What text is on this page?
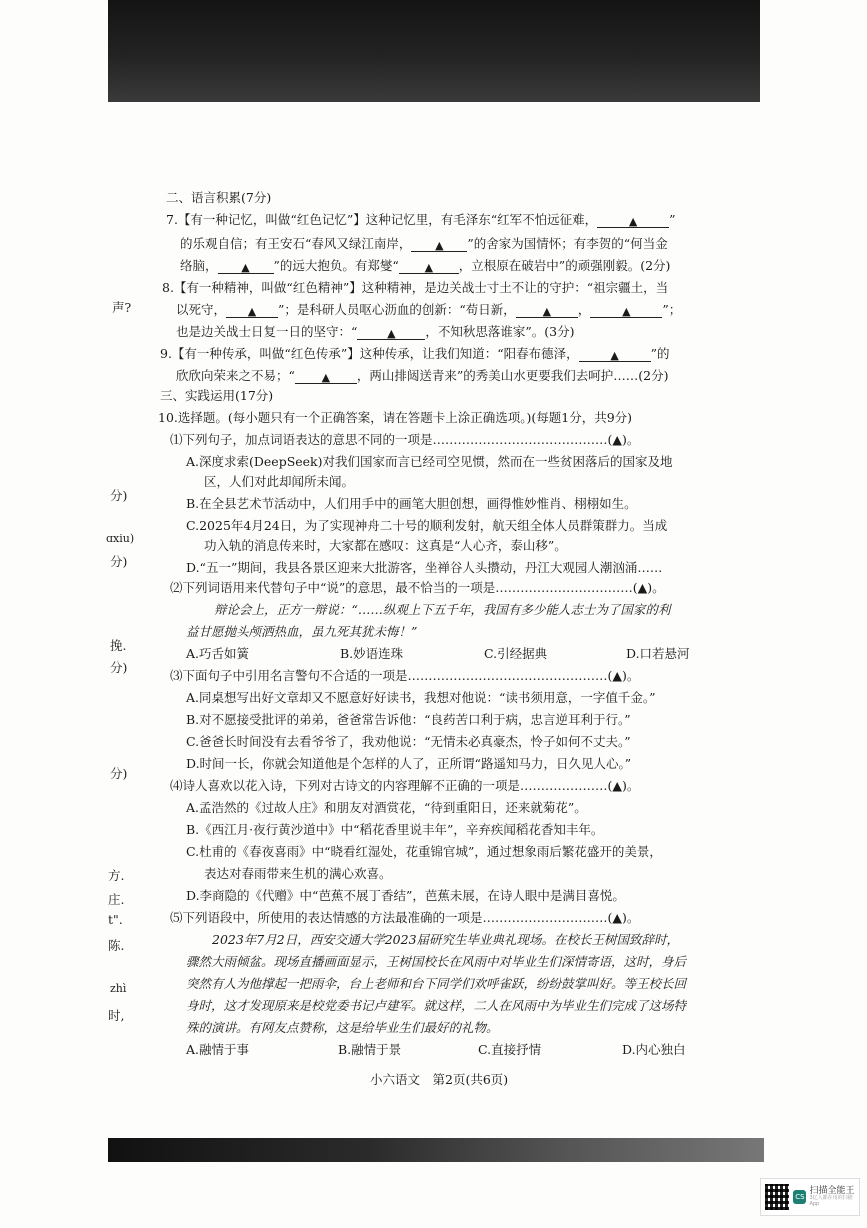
声?
分)
ɑxiu)
分)
挽.
分)
分)
方.
庄.
t".
陈.
zhì
时,
二、语言积累(7分)
7.【有一种记忆，叫做“红色记忆”】这种记忆里，有毛泽东“红军不怕远征难，	▲	”
的乐观自信；有王安石“春风又绿江南岸， ▲ ”的舍家为国情怀；有李贺的“何当金
络脑， ▲ ”的远大抱负。有郑燮“ ▲ ，立根原在破岩中”的顽强刚毅。(2分)
8.【有一种精神，叫做“红色精神”】这种精神，是边关战士寸土不让的守护：“祖宗疆土，当
以死守， ▲ ”；是科研人员呕心沥血的创新：“苟日新， ▲ ，	▲	”；
也是边关战士日复一日的坚守：“	▲ ，不知秋思落谁家”。(3分)
9.【有一种传承，叫做“红色传承”】这种传承，让我们知道：“阳春布德泽，	▲	”的
欣欣向荣来之不易；“ ▲ ，两山排闼送青来”的秀美山水更要我们去呵护……(2分)
三、实践运用(17分)
10.选择题。(每小题只有一个正确答案，请在答题卡上涂正确选项。)(每题1分，共9分)
⑴下列句子，加点词语表达的意思不同的一项是……………………………………(▲)。
A.深度求索(DeepSeek)对我们国家而言已经司空见惯，然而在一些贫困落后的国家及地
区，人们对此却闻所未闻。
B.在全县艺术节活动中，人们用手中的画笔大胆创想，画得惟妙惟肖、栩栩如生。
C.2025年4月24日，为了实现神舟二十号的顺利发射，航天组全体人员群策群力。当成
功入轨的消息传来时，大家都在感叹：这真是“人心齐，泰山移”。
D.“五一”期间，我县各景区迎来大批游客，坐禅谷人头攒动，丹江大观园人潮汹涌……
⑵下列词语用来代替句子中“说”的意思，最不恰当的一项是……………………………(▲)。
辩论会上，正方一辩说：“……纵观上下五千年，我国有多少能人志士为了国家的利
益甘愿抛头颅洒热血，虽九死其犹未悔！”
A.巧舌如簧	B.妙语连珠	C.引经据典	D.口若悬河
⑶下面句子中引用名言警句不合适的一项是…………………………………………(▲)。
A.同桌想写出好文章却又不愿意好好读书，我想对他说：“读书须用意，一字值千金。”
B.对不愿接受批评的弟弟，爸爸常告诉他：“良药苦口利于病，忠言逆耳利于行。”
C.爸爸长时间没有去看爷爷了，我劝他说：“无情未必真豪杰，怜子如何不丈夫。”
D.时间一长，你就会知道他是个怎样的人了，正所谓“路遥知马力，日久见人心。”
⑷诗人喜欢以花入诗，下列对古诗文的内容理解不正确的一项是…………………(▲)。
A.孟浩然的《过故人庄》和朋友对酒赏花，“待到重阳日，还来就菊花”。
B.《西江月·夜行黄沙道中》中“稻花香里说丰年”，辛弃疾闻稻花香知丰年。
C.杜甫的《春夜喜雨》中“晓看红湿处，花重锦官城”，通过想象雨后繁花盛开的美景，
表达对春雨带来生机的满心欢喜。
D.李商隐的《代赠》中“芭蕉不展丁香结”，芭蕉未展，在诗人眼中是满目喜悦。
⑸下列语段中，所使用的表达情感的方法最准确的一项是…………………………(▲)。
2023年7月2日，西安交通大学2023届研究生毕业典礼现场。在校长王树国致辞时，
骤然大雨倾盆。现场直播画面显示，王树国校长在风雨中对毕业生们深情寄语，这时，身后
突然有人为他撑起一把雨伞，台上老师和台下同学们欢呼雀跃，纷纷鼓掌叫好。等王校长回
身时，这才发现原来是校党委书记卢建军。就这样，二人在风雨中为毕业生们完成了这场特
殊的演讲。有网友点赞称，这是给毕业生们最好的礼物。
A.融情于事	B.融情于景	C.直接抒情	D.内心独白
小六语文　第2页(共6页)
CS
扫描全能王
3亿人都在用的扫描App
